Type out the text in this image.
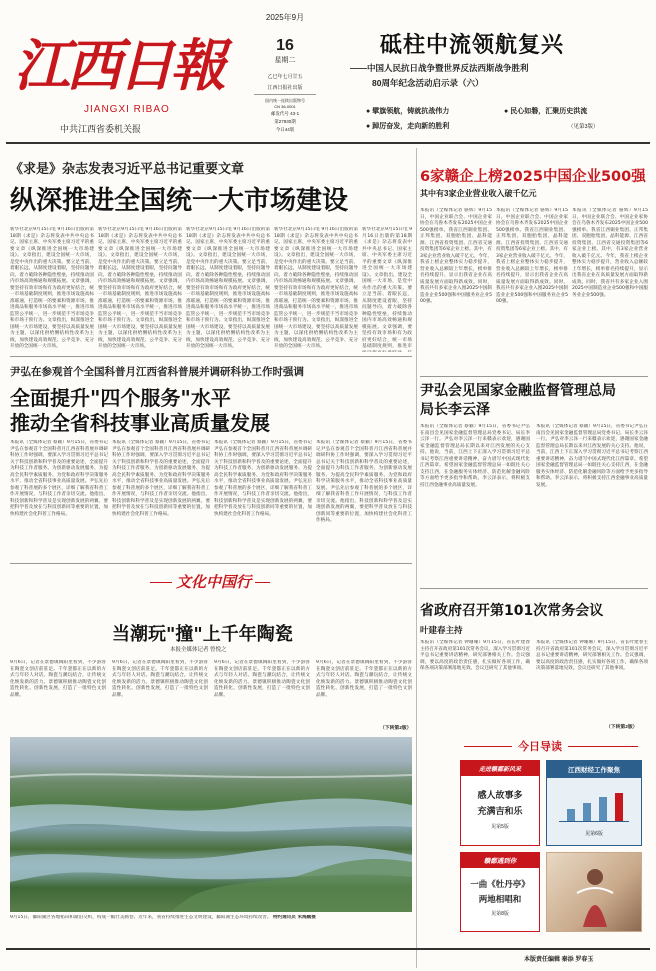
江西日報
JIANGXI RIBAO
中共江西省委机关报
2025年9月
16
星期二
乙巳年七月廿五
江西日报社出版
国内统一连续出版物号
CN 36-0001
邮发代号 43-1
第27930期
今日44版
砥柱中流领航复兴
——中国人民抗日战争暨世界反法西斯战争胜利
80周年纪念活动启示录（六）
● 擘旗领航，铸就抗战伟力
●	民心如磐，汇聚历史洪流
● 踔厉奋发，走向新的胜利	（见第3版）
《求是》杂志发表习近平总书记重要文章
纵深推进全国统一大市场建设
新华社北京9月15日电 9月16日出版的第18期《求是》杂志将发表中共中央总书记、国家主席、中央军委主席习近平的重要文章《纵深推进全国统一大市场建设》。文章指出，建设全国统一大市场，是党中央作出的重大决策。要立足当前、着眼长远，从制度建设着眼，坚持问题导向，着力破除各种隐性壁垒，持续推动国内市场高效畅通和规模拓展。文章强调，要坚持有效市场和有为政府更好结合，统一市场基础制度规则，推进市场设施高标准联通，打造统一的要素和资源市场，推进商品和服务市场高水平统一，推进市场监管公平统一，进一步规范不当市场竞争和市场干预行为。文章指出，纵深推进全国统一大市场建设，要坚持以高质量发展为主题，以深化供给侧结构性改革为主线，加快建设高效规范、公平竞争、充分开放的全国统一大市场。
新华社北京9月15日电 9月16日出版的第18期《求是》杂志将发表中共中央总书记、国家主席、中央军委主席习近平的重要文章《纵深推进全国统一大市场建设》。文章指出，建设全国统一大市场，是党中央作出的重大决策。要立足当前、着眼长远，从制度建设着眼，坚持问题导向，着力破除各种隐性壁垒，持续推动国内市场高效畅通和规模拓展。文章强调，要坚持有效市场和有为政府更好结合，统一市场基础制度规则，推进市场设施高标准联通，打造统一的要素和资源市场，推进商品和服务市场高水平统一，推进市场监管公平统一，进一步规范不当市场竞争和市场干预行为。文章指出，纵深推进全国统一大市场建设，要坚持以高质量发展为主题，以深化供给侧结构性改革为主线，加快建设高效规范、公平竞争、充分开放的全国统一大市场。
新华社北京9月15日电 9月16日出版的第18期《求是》杂志将发表中共中央总书记、国家主席、中央军委主席习近平的重要文章《纵深推进全国统一大市场建设》。文章指出，建设全国统一大市场，是党中央作出的重大决策。要立足当前、着眼长远，从制度建设着眼，坚持问题导向，着力破除各种隐性壁垒，持续推动国内市场高效畅通和规模拓展。文章强调，要坚持有效市场和有为政府更好结合，统一市场基础制度规则，推进市场设施高标准联通，打造统一的要素和资源市场，推进商品和服务市场高水平统一，推进市场监管公平统一，进一步规范不当市场竞争和市场干预行为。文章指出，纵深推进全国统一大市场建设，要坚持以高质量发展为主题，以深化供给侧结构性改革为主线，加快建设高效规范、公平竞争、充分开放的全国统一大市场。
新华社北京9月15日电 9月16日出版的第18期《求是》杂志将发表中共中央总书记、国家主席、中央军委主席习近平的重要文章《纵深推进全国统一大市场建设》。文章指出，建设全国统一大市场，是党中央作出的重大决策。要立足当前、着眼长远，从制度建设着眼，坚持问题导向，着力破除各种隐性壁垒，持续推动国内市场高效畅通和规模拓展。文章强调，要坚持有效市场和有为政府更好结合，统一市场基础制度规则，推进市场设施高标准联通，打造统一的要素和资源市场，推进商品和服务市场高水平统一，推进市场监管公平统一，进一步规范不当市场竞争和市场干预行为。文章指出，纵深推进全国统一大市场建设，要坚持以高质量发展为主题，以深化供给侧结构性改革为主线，加快建设高效规范、公平竞争、充分开放的全国统一大市场。
新华社北京9月15日电 9月16日出版的第18期《求是》杂志将发表中共中央总书记、国家主席、中央军委主席习近平的重要文章《纵深推进全国统一大市场建设》。文章指出，建设全国统一大市场，是党中央作出的重大决策。要立足当前、着眼长远，从制度建设着眼，坚持问题导向，着力破除各种隐性壁垒，持续推动国内市场高效畅通和规模拓展。文章强调，要坚持有效市场和有为政府更好结合，统一市场基础制度规则，推进市
6家赣企上榜2025中国企业500强
其中有3家企业营业收入破千亿元
本报讯（全媒体记者 骆辉）9月15日，中国企业联合会、中国企业家协会在乌鲁木齐发布2025中国企业500强榜单。我省江西铜业集团、正邦集团、双胞胎集团、晶科能源、江西省投资集团、江西省交通投资集团等6家企业上榜。其中，有3家企业营业收入破千亿元。今年，我省上榜企业整体实力稳步提升，营业收入总额较上年增长，榜单排名持续提升，显示出我省企业在高质量发展方面取得新成效。同时，我省共有多家企业入围2025中国制造业企业500强和中国服务业企业500强。
本报讯（全媒体记者 骆辉）9月15日，中国企业联合会、中国企业家协会在乌鲁木齐发布2025中国企业500强榜单。我省江西铜业集团、正邦集团、双胞胎集团、晶科能源、江西省投资集团、江西省交通投资集团等6家企业上榜。其中，有3家企业营业收入破千亿元。今年，我省上榜企业整体实力稳步提升，营业收入总额较上年增长，榜单排名持续提升，显示出我省企业在高质量发展方面取得新成效。同时，我省共有多家企业入围2025中国制造业企业500强和中国服务业企业500强。
本报讯（全媒体记者 骆辉）9月15日，中国企业联合会、中国企业家协会在乌鲁木齐发布2025中国企业500强榜单。我省江西铜业集团、正邦集团、双胞胎集团、晶科能源、江西省投资集团、江西省交通投资集团等6家企业上榜。其中，有3家企业营业收入破千亿元。今年，我省上榜企业整体实力稳步提升，营业收入总额较上年增长，榜单排名持续提升，显示出我省企业在高质量发展方面取得新成效。同时，我省共有多家企业入围2025中国制造业企业500强和中国服务业企业500强。
尹弘在参观首个全国科普月江西省科普展并调研科协工作时强调
全面提升"四个服务"水平
推动全省科技事业高质量发展
本报讯（全媒体记者 蔡颖）9月15日，省委书记尹弘在参观首个全国科普月江西省科普展并调研科协工作时强调，要深入学习贯彻习近平总书记关于科技创新和科学普及的重要论述，全面提升为科技工作者服务、为创新驱动发展服务、为提高全民科学素质服务、为党和政府科学决策服务水平，推动全省科技事业高质量发展。尹弘先后参观了科普展的多个展区，详细了解我省科普工作开展情况，与科技工作者亲切交流。他指出，科技创新和科学普及是实现创新发展的两翼，要把科学普及放在与科技创新同等重要的位置，加快构建社会化科普工作格局。
本报讯（全媒体记者 蔡颖）9月15日，省委书记尹弘在参观首个全国科普月江西省科普展并调研科协工作时强调，要深入学习贯彻习近平总书记关于科技创新和科学普及的重要论述，全面提升为科技工作者服务、为创新驱动发展服务、为提高全民科学素质服务、为党和政府科学决策服务水平，推动全省科技事业高质量发展。尹弘先后参观了科普展的多个展区，详细了解我省科普工作开展情况，与科技工作者亲切交流。他指出，科技创新和科学普及是实现创新发展的两翼，要把科学普及放在与科技创新同等重要的位置，加快构建社会化科普工作格局。
本报讯（全媒体记者 蔡颖）9月15日，省委书记尹弘在参观首个全国科普月江西省科普展并调研科协工作时强调，要深入学习贯彻习近平总书记关于科技创新和科学普及的重要论述，全面提升为科技工作者服务、为创新驱动发展服务、为提高全民科学素质服务、为党和政府科学决策服务水平，推动全省科技事业高质量发展。尹弘先后参观了科普展的多个展区，详细了解我省科普工作开展情况，与科技工作者亲切交流。他指出，科技创新和科学普及是实现创新发展的两翼，要把科学普及放在与科技创新同等重要的位置，加快构建社会化科普工作格局。
本报讯（全媒体记者 蔡颖）9月15日，省委书记尹弘在参观首个全国科普月江西省科普展并调研科协工作时强调，要深入学习贯彻习近平总书记关于科技创新和科学普及的重要论述，全面提升为科技工作者服务、为创新驱动发展服务、为提高全民科学素质服务、为党和政府科学决策服务水平，推动全省科技事业高质量发展。尹弘先后参观了科普展的多个展区，详细了解我省科普工作开展情况，与科技工作者亲切交流。他指出，科技创新和科学普及是实现创新发展的两翼，要把科学普及放在与科技创新同等重要的位置，加快构建社会化科普工作格局。
尹弘会见国家金融监督管理总局局长李云泽
本报讯（全媒体记者 蔡颖）9月15日，省委书记尹弘在南昌会见国家金融监督管理总局党委书记、局长李云泽一行。尹弘对李云泽一行来赣表示欢迎，感谢国家金融监督管理总局长期以来对江西发展的关心支持。他说，当前，江西上下正深入学习贯彻习近平总书记考察江西重要讲话精神，奋力谱写中国式现代化江西篇章。希望国家金融监督管理总局一如既往关心支持江西，在金融服务实体经济、防范化解金融风险等方面给予更多指导和帮助。李云泽表示，将积极支持江西金融事业高质量发展。
本报讯（全媒体记者 蔡颖）9月15日，省委书记尹弘在南昌会见国家金融监督管理总局党委书记、局长李云泽一行。尹弘对李云泽一行来赣表示欢迎，感谢国家金融监督管理总局长期以来对江西发展的关心支持。他说，当前，江西上下正深入学习贯彻习近平总书记考察江西重要讲话精神，奋力谱写中国式现代化江西篇章。希望国家金融监督管理总局一如既往关心支持江西，在金融服务实体经济、防范化解金融风险等方面给予更多指导和帮助。李云泽表示，将积极支持江西金融事业高质量发展。
文化中国行
当潮玩"撞"上千年陶瓷
本报全媒体记者 曾悦之
9月6日，记者在景德镇陶阳里看到，不少游客在陶瓷文创店前驻足。千年瓷都正在以新的方式与年轻人对话。陶瓷与潮玩结合，让传统文化焕发新的活力。景德镇积极推动陶瓷文化创造性转化、创新性发展，打造了一批特色文创品牌。
9月6日，记者在景德镇陶阳里看到，不少游客在陶瓷文创店前驻足。千年瓷都正在以新的方式与年轻人对话。陶瓷与潮玩结合，让传统文化焕发新的活力。景德镇积极推动陶瓷文化创造性转化、创新性发展，打造了一批特色文创品牌。
9月6日，记者在景德镇陶阳里看到，不少游客在陶瓷文创店前驻足。千年瓷都正在以新的方式与年轻人对话。陶瓷与潮玩结合，让传统文化焕发新的活力。景德镇积极推动陶瓷文化创造性转化、创新性发展，打造了一批特色文创品牌。
9月6日，记者在景德镇陶阳里看到，不少游客在陶瓷文创店前驻足。千年瓷都正在以新的方式与年轻人对话。陶瓷与潮玩结合，让传统文化焕发新的活力。景德镇积极推动陶瓷文化创造性转化、创新性发展，打造了一批特色文创品牌。
（下转第2版）
9月15日，鄱阳湖区各地稻田和湖泊交织，构成一幅壮美画卷。近年来，我省持续推进生态文明建设，鄱阳湖生态环境持续改善。 特约通讯员 朱海鹏摄
省政府召开第101次常务会议
叶建春主持
本报讯（全媒体记者 钟珊珊）9月15日，省长叶建春主持召开省政府第101次常务会议，深入学习贯彻习近平总书记重要讲话精神，研究部署相关工作。会议强调，要以高度的政治责任感，扎实做好各项工作，确保各项决策部署落地见效。会议还研究了其他事项。
本报讯（全媒体记者 钟珊珊）9月15日，省长叶建春主持召开省政府第101次常务会议，深入学习贯彻习近平总书记重要讲话精神，研究部署相关工作。会议强调，要以高度的政治责任感，扎实做好各项工作，确保各项决策部署落地见效。会议还研究了其他事项。
（下转第2版）
今日导读
走进赣鄱新风采
感人故事多
充满吉和乐
见第5版
江西财经工作聚焦
见第6版
赣鄱遇到你
一曲《牡丹亭》
两地相唱和
见第8版
本版责任编辑 秦添 罗春玉
